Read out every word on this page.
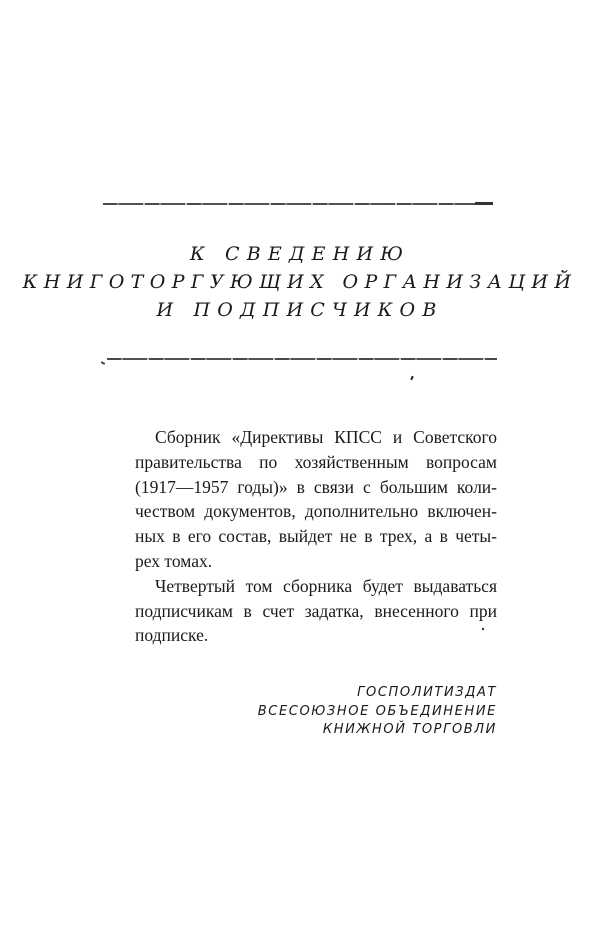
К СВЕДЕНИЮ
КНИГОТОРГУЮЩИХ ОРГАНИЗАЦИЙ
И ПОДПИСЧИКОВ
Сборник «Директивы КПСС и Советского
правительства по хозяйственным вопросам
(1917—1957 годы)» в связи с большим коли-
чеством документов, дополнительно включен-
ных в его состав, выйдет не в трех, а в четы-
рех томах.
Четвертый том сборника будет выдаваться
подписчикам в счет задатка, внесенного при
подписке.
ГОСПОЛИТИЗДАТ
ВСЕСОЮЗНОЕ ОБЪЕДИНЕНИЕ
КНИЖНОЙ ТОРГОВЛИ
